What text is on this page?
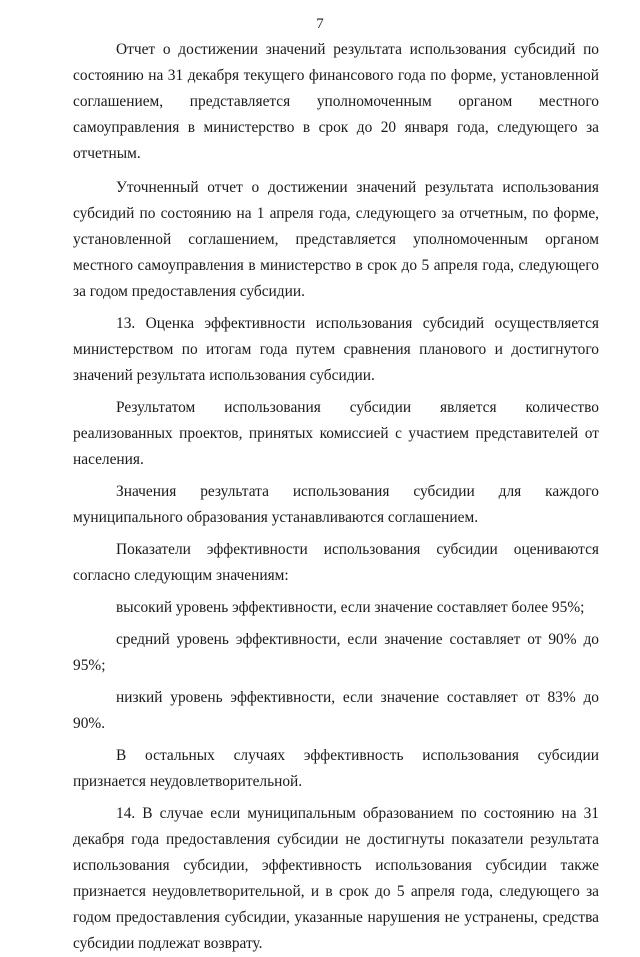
7

Отчет о достижении значений результата использования субсидий по состоянию на 31 декабря текущего финансового года по форме, установленной соглашением, представляется уполномоченным органом местного самоуправления в министерство в срок до 20 января года, следующего за отчетным.

Уточненный отчет о достижении значений результата использования субсидий по состоянию на 1 апреля года, следующего за отчетным, по форме, установленной соглашением, представляется уполномоченным органом местного самоуправления в министерство в срок до 5 апреля года, следующего за годом предоставления субсидии.

13. Оценка эффективности использования субсидий осуществляется министерством по итогам года путем сравнения планового и достигнутого значений результата использования субсидии.

Результатом использования субсидии является количество реализованных проектов, принятых комиссией с участием представителей от населения.

Значения результата использования субсидии для каждого муниципального образования устанавливаются соглашением.

Показатели эффективности использования субсидии оцениваются согласно следующим значениям:

высокий уровень эффективности, если значение составляет более 95%;

средний уровень эффективности, если значение составляет от 90% до 95%;

низкий уровень эффективности, если значение составляет от 83% до 90%.

В остальных случаях эффективность использования субсидии признается неудовлетворительной.

14. В случае если муниципальным образованием по состоянию на 31 декабря года предоставления субсидии не достигнуты показатели результата использования субсидии, эффективность использования субсидии также признается неудовлетворительной, и в срок до 5 апреля года, следующего за годом предоставления субсидии, указанные нарушения не устранены, средства субсидии подлежат возврату.
